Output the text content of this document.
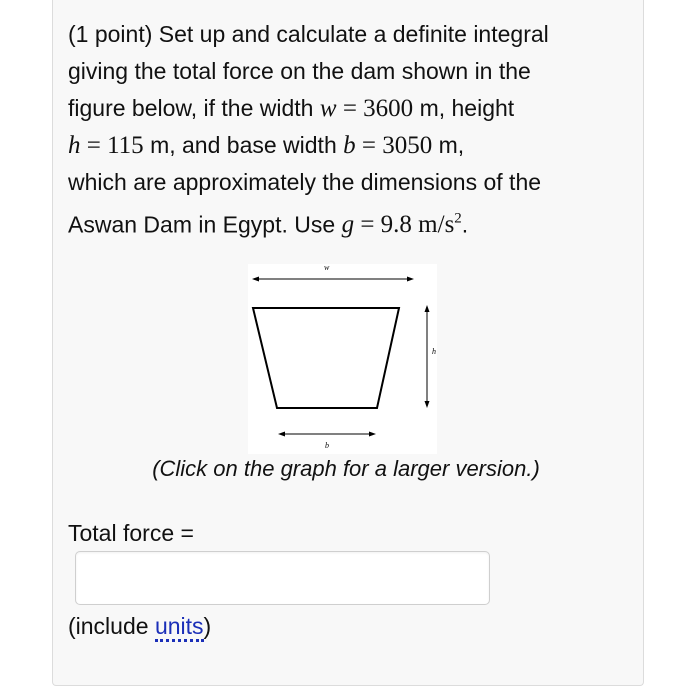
(1 point) Set up and calculate a definite integral
giving the total force on the dam shown in the
figure below, if the width w = 3600 m, height
h = 115 m, and base width b = 3050 m,
which are approximately the dimensions of the
Aswan Dam in Egypt. Use g = 9.8 $m/s^2$.
w
h
b
(Click on the graph for a larger version.)
Total force =
(include units)
